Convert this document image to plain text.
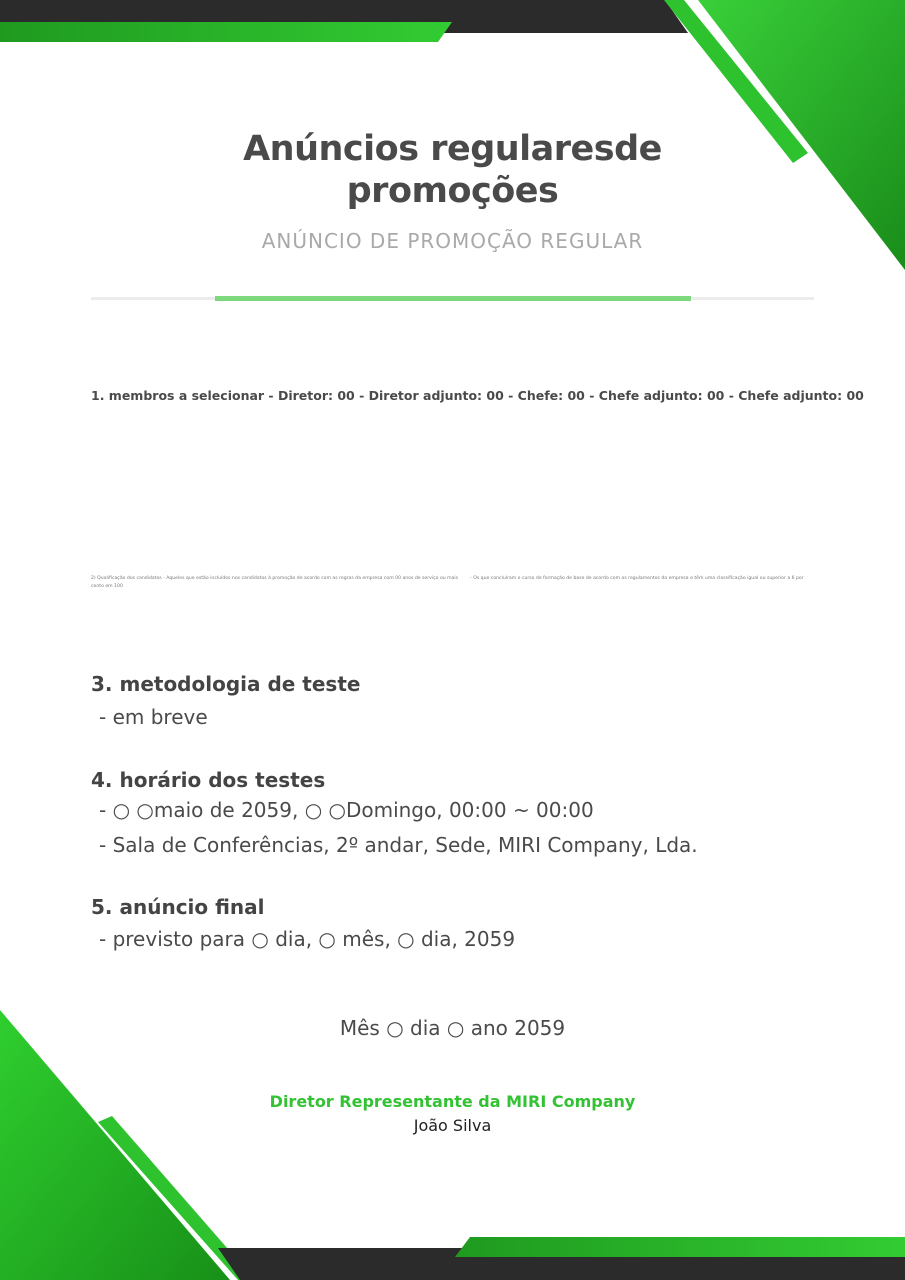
Anúncios regularesde promoções
ANÚNCIO DE PROMOÇÃO REGULAR
1. membros a selecionar - Diretor: 00 - Diretor adjunto: 00 - Chefe: 00 - Chefe adjunto: 00 - Chefe adjunto: 00
2) Qualificação dos candidatos - Aqueles que estão incluídos nos candidatos à promoção de acordo com as regras da empresa com 00 anos de serviço ou mais	- Os que concluíram o curso de formação de base de acordo com os regulamentos da empresa e têm uma classificação igual ou superior a 6 por cento em 100
3. metodologia de teste
- em breve
4. horário dos testes
- ○ ○maio de 2059, ○ ○Domingo, 00:00 ~ 00:00
- Sala de Conferências, 2º andar, Sede, MIRI Company, Lda.
5. anúncio final
- previsto para ○ dia, ○ mês, ○ dia, 2059
Mês ○ dia ○ ano 2059
Diretor Representante da MIRI Company
João Silva
